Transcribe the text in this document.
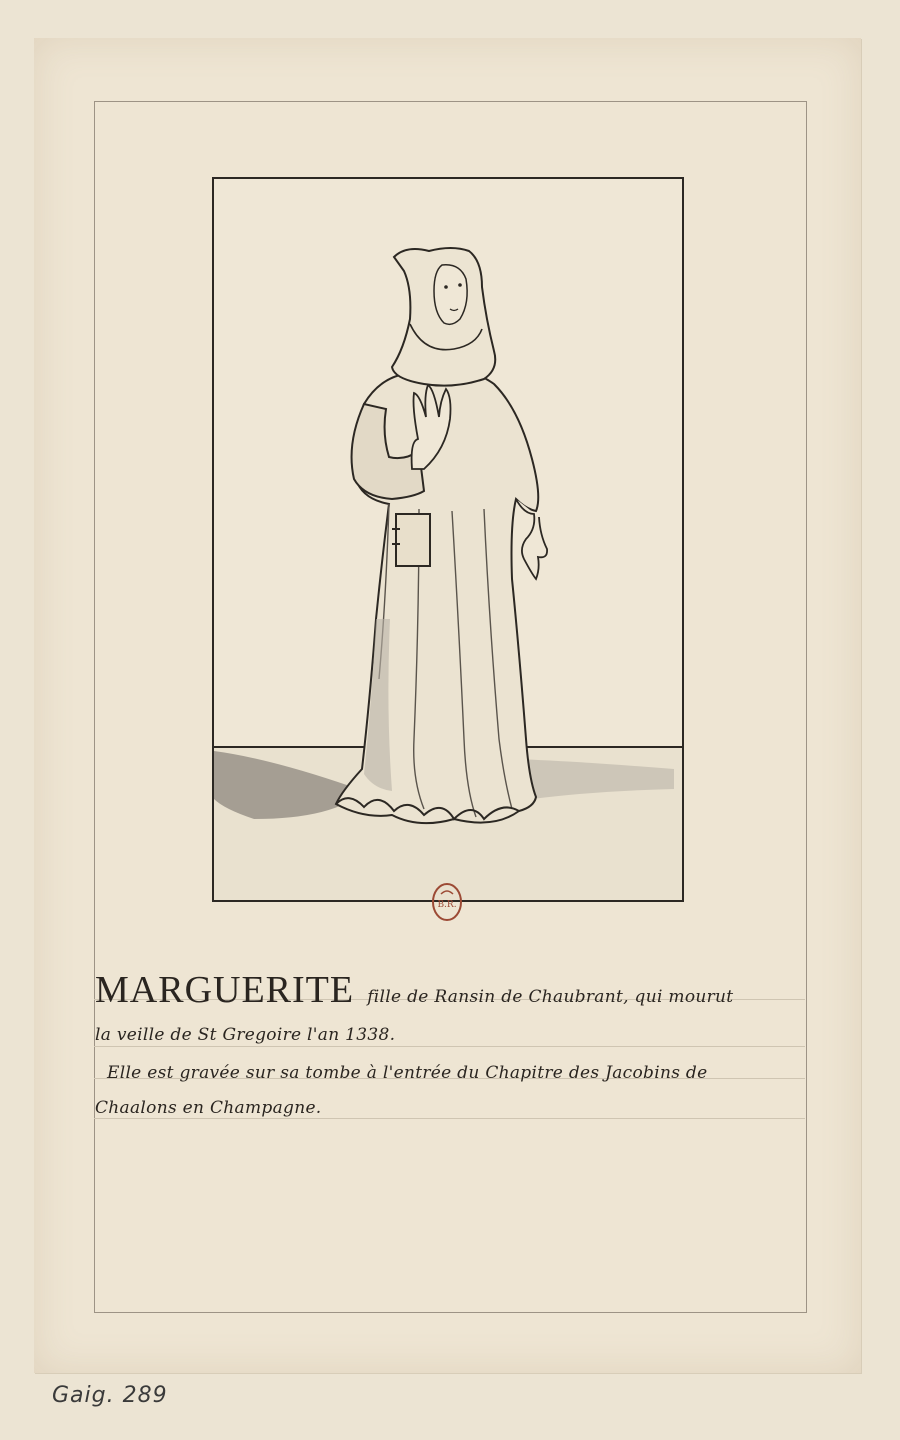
B.R.
MARGUERITE fille de Ransin de Chaubrant, qui mourut
la veille de St Gregoire l'an 1338.
Elle est gravée sur sa tombe à l'entrée du Chapitre des Jacobins de
Chaalons en Champagne.
Gaig. 289
